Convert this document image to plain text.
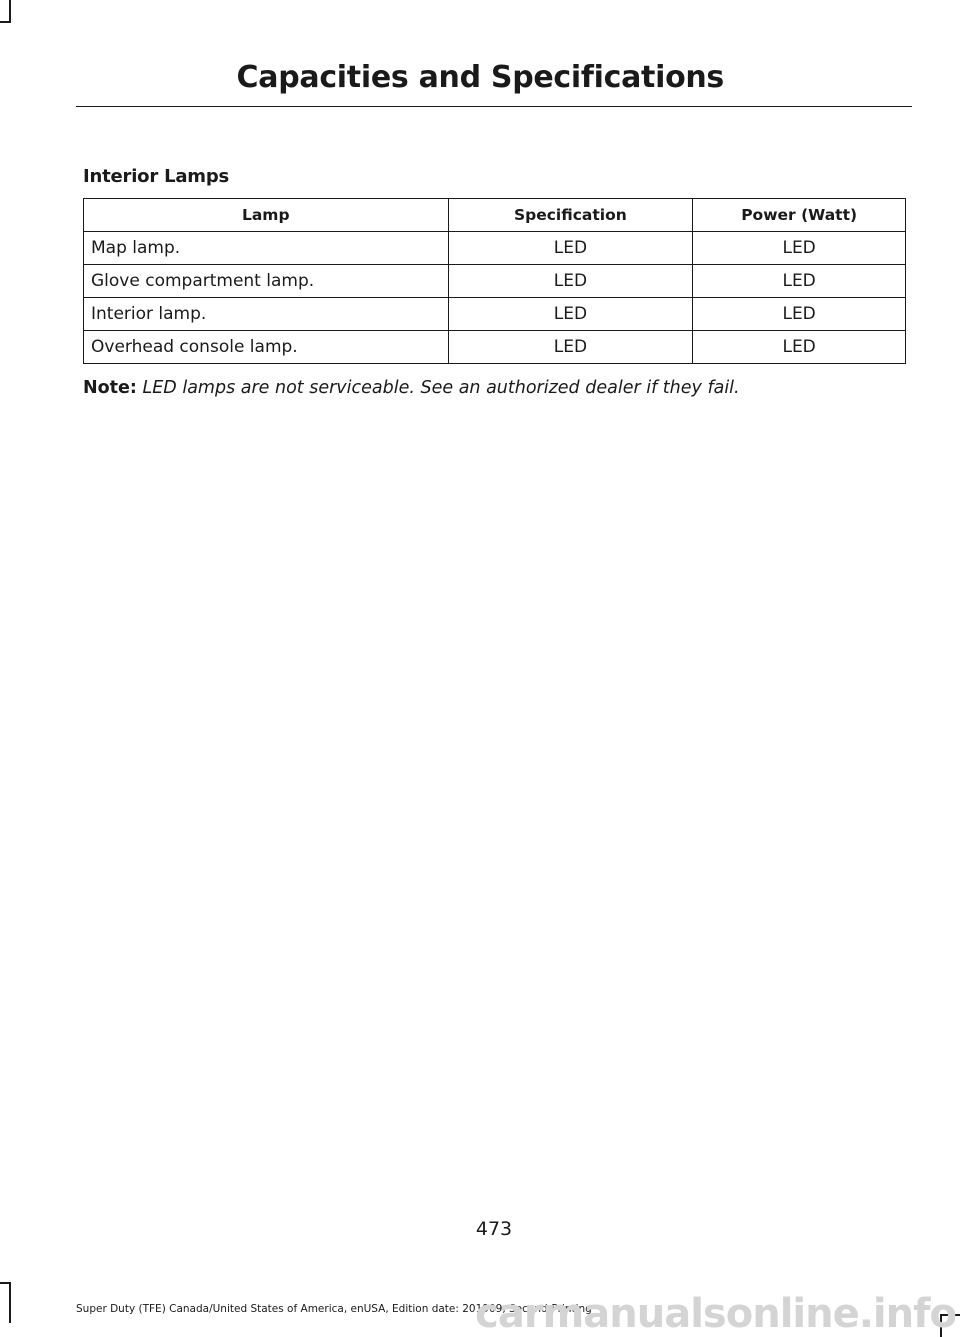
Capacities and Specifications
Interior Lamps
Lamp	Specification	Power (Watt)
Map lamp.	LED	LED
Glove compartment lamp.	LED	LED
Interior lamp.	LED	LED
Overhead console lamp.	LED	LED

Note: LED lamps are not serviceable. See an authorized dealer if they fail.

473
Super Duty (TFE) Canada/United States of America, enUSA, Edition date: 201909, Second-Printing
carmanualsonline.info
